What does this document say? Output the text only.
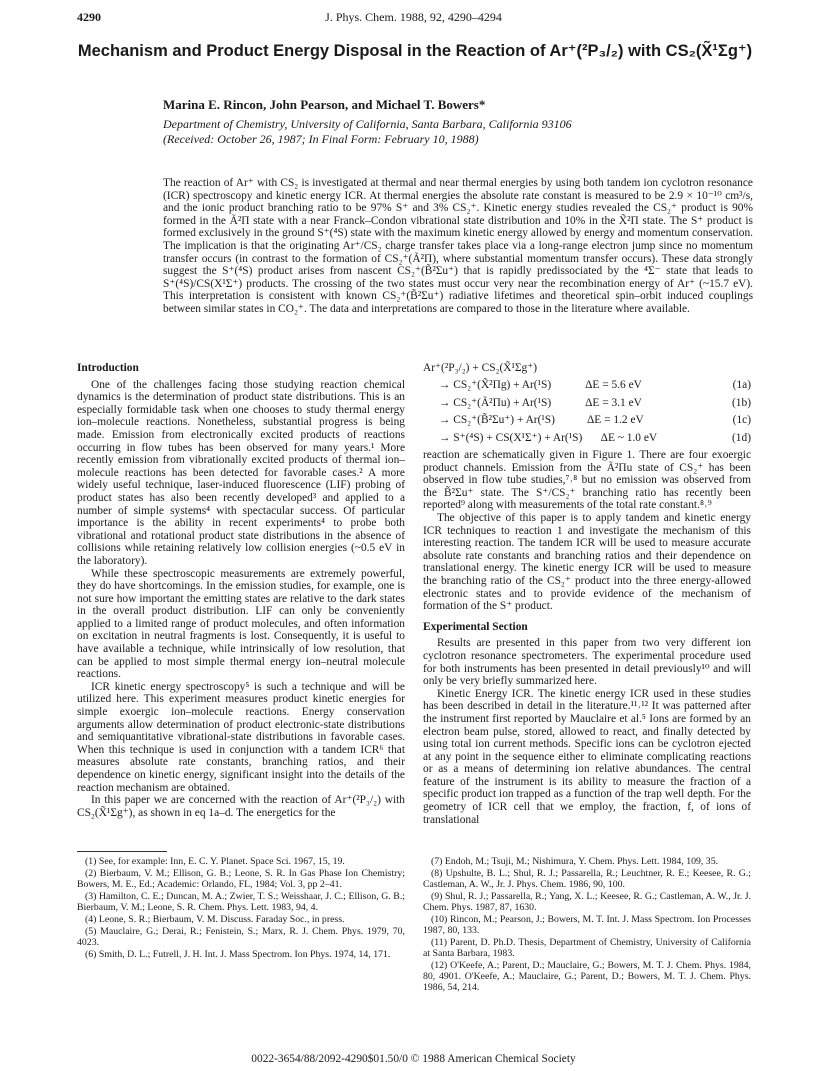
4290	J. Phys. Chem. 1988, 92, 4290–4294
Mechanism and Product Energy Disposal in the Reaction of Ar⁺(²P₃/₂) with CS₂(X̃¹Σg⁺)
Marina E. Rincon, John Pearson, and Michael T. Bowers*
Department of Chemistry, University of California, Santa Barbara, California 93106
(Received: October 26, 1987; In Final Form: February 10, 1988)
The reaction of Ar⁺ with CS₂ is investigated at thermal and near thermal energies by using both tandem ion cyclotron resonance (ICR) spectroscopy and kinetic energy ICR. At thermal energies the absolute rate constant is measured to be 2.9 × 10⁻¹⁰ cm³/s, and the ionic product branching ratio to be 97% S⁺ and 3% CS₂⁺. Kinetic energy studies revealed the CS₂⁺ product is 90% formed in the Ã²Π state with a near Franck–Condon vibrational state distribution and 10% in the X̃²Π state. The S⁺ product is formed exclusively in the ground S⁺(⁴S) state with the maximum kinetic energy allowed by energy and momentum conservation. The implication is that the originating Ar⁺/CS₂ charge transfer takes place via a long-range electron jump since no momentum transfer occurs (in contrast to the formation of CS₂⁺(Ã²Π), where substantial momentum transfer occurs). These data strongly suggest the S⁺(⁴S) product arises from nascent CS₂⁺(B̃²Σu⁺) that is rapidly predissociated by the ⁴Σ⁻ state that leads to S⁺(⁴S)/CS(X¹Σ⁺) products. The crossing of the two states must occur very near the recombination energy of Ar⁺ (~15.7 eV). This interpretation is consistent with known CS₂⁺(B̃²Σu⁺) radiative lifetimes and theoretical spin–orbit induced couplings between similar states in CO₂⁺. The data and interpretations are compared to those in the literature where available.
Introduction

One of the challenges facing those studying reaction chemical dynamics is the determination of product state distributions. This is an especially formidable task when one chooses to study thermal energy ion–molecule reactions. Nonetheless, substantial progress is being made. Emission from electronically excited products of reactions occurring in flow tubes has been observed for many years.¹ More recently emission from vibrationally excited products of thermal ion–molecule reactions has been detected for favorable cases.² A more widely useful technique, laser-induced fluorescence (LIF) probing of product states has also been recently developed³ and applied to a number of simple systems⁴ with spectacular success. Of particular importance is the ability in recent experiments⁴ to probe both vibrational and rotational product state distributions in the absence of collisions while retaining relatively low collision energies (~0.5 eV in the laboratory).

While these spectroscopic measurements are extremely powerful, they do have shortcomings. In the emission studies, for example, one is not sure how important the emitting states are relative to the dark states in the overall product distribution. LIF can only be conveniently applied to a limited range of product molecules, and often information on excitation in neutral fragments is lost. Consequently, it is useful to have available a technique, while intrinsically of low resolution, that can be applied to most simple thermal energy ion–neutral molecule reactions.

ICR kinetic energy spectroscopy⁵ is such a technique and will be utilized here. This experiment measures product kinetic energies for simple exoergic ion–molecule reactions. Energy conservation arguments allow determination of product electronic-state distributions and semiquantitative vibrational-state distributions in favorable cases. When this technique is used in conjunction with a tandem ICR⁶ that measures absolute rate constants, branching ratios, and their dependence on kinetic energy, significant insight into the details of the reaction mechanism are obtained.

In this paper we are concerned with the reaction of Ar⁺(²P₃/₂) with CS₂(X̃¹Σg⁺), as shown in eq 1a–d. The energetics for the

Ar⁺(²P₃/₂) + CS₂(X̃¹Σg⁺)
→ CS₂⁺(X̃²Πg) + Ar(¹S)	ΔE = 5.6 eV	(1a)
→ CS₂⁺(Ã²Πu) + Ar(¹S)	ΔE = 3.1 eV	(1b)
→ CS₂⁺(B̃²Σu⁺) + Ar(¹S)	ΔE = 1.2 eV	(1c)
→ S⁺(⁴S) + CS(X¹Σ⁺) + Ar(¹S) ΔE ~ 1.0 eV	(1d)

reaction are schematically given in Figure 1. There are four exoergic product channels. Emission from the Ã²Πu state of CS₂⁺ has been observed in flow tube studies,⁷˒⁸ but no emission was observed from the B̃²Σu⁺ state. The S⁺/CS₂⁺ branching ratio has recently been reported⁹ along with measurements of the total rate constant.⁸˒⁹

The objective of this paper is to apply tandem and kinetic energy ICR techniques to reaction 1 and investigate the mechanism of this interesting reaction. The tandem ICR will be used to measure accurate absolute rate constants and branching ratios and their dependence on translational energy. The kinetic energy ICR will be used to measure the branching ratio of the CS₂⁺ product into the three energy-allowed electronic states and to provide evidence of the mechanism of formation of the S⁺ product.

Experimental Section

Results are presented in this paper from two very different ion cyclotron resonance spectrometers. The experimental procedure used for both instruments has been presented in detail previously¹⁰ and will only be very briefly summarized here.

Kinetic Energy ICR. The kinetic energy ICR used in these studies has been described in detail in the literature.¹¹˒¹² It was patterned after the instrument first reported by Mauclaire et al.⁵ Ions are formed by an electron beam pulse, stored, allowed to react, and finally detected by using total ion current methods. Specific ions can be cyclotron ejected at any point in the sequence either to eliminate complicating reactions or as a means of determining ion relative abundances. The central feature of the instrument is its ability to measure the fraction of a specific product ion trapped as a function of the trap well depth. For the geometry of ICR cell that we employ, the fraction, f, of ions of translational

(1) See, for example: Inn, E. C. Y. Planet. Space Sci. 1967, 15, 19.
(2) Bierbaum, V. M.; Ellison, G. B.; Leone, S. R. In Gas Phase Ion Chemistry; Bowers, M. E., Ed.; Academic: Orlando, FL, 1984; Vol. 3, pp 2–41.
(3) Hamilton, C. E.; Duncan, M. A.; Zwier, T. S.; Weisshaar, J. C.; Ellison, G. B.; Bierbaum, V. M.; Leone, S. R. Chem. Phys. Lett. 1983, 94, 4.
(4) Leone, S. R.; Bierbaum, V. M. Discuss. Faraday Soc., in press.
(5) Mauclaire, G.; Derai, R.; Fenistein, S.; Marx, R. J. Chem. Phys. 1979, 70, 4023.
(6) Smith, D. L.; Futrell, J. H. Int. J. Mass Spectrom. Ion Phys. 1974, 14, 171.
(7) Endoh, M.; Tsuji, M.; Nishimura, Y. Chem. Phys. Lett. 1984, 109, 35.
(8) Upshulte, B. L.; Shul, R. J.; Passarella, R.; Leuchtner, R. E.; Keesee, R. G.; Castleman, A. W., Jr. J. Phys. Chem. 1986, 90, 100.
(9) Shul, R. J.; Passarella, R.; Yang, X. L.; Keesee, R. G.; Castleman, A. W., Jr. J. Chem. Phys. 1987, 87, 1630.
(10) Rincon, M.; Pearson, J.; Bowers, M. T. Int. J. Mass Spectrom. Ion Processes 1987, 80, 133.
(11) Parent, D. Ph.D. Thesis, Department of Chemistry, University of California at Santa Barbara, 1983.
(12) O'Keefe, A.; Parent, D.; Mauclaire, G.; Bowers, M. T. J. Chem. Phys. 1984, 80, 4901. O'Keefe, A.; Mauclaire, G.; Parent, D.; Bowers, M. T. J. Chem. Phys. 1986, 54, 214.
0022-3654/88/2092-4290$01.50/0 © 1988 American Chemical Society
